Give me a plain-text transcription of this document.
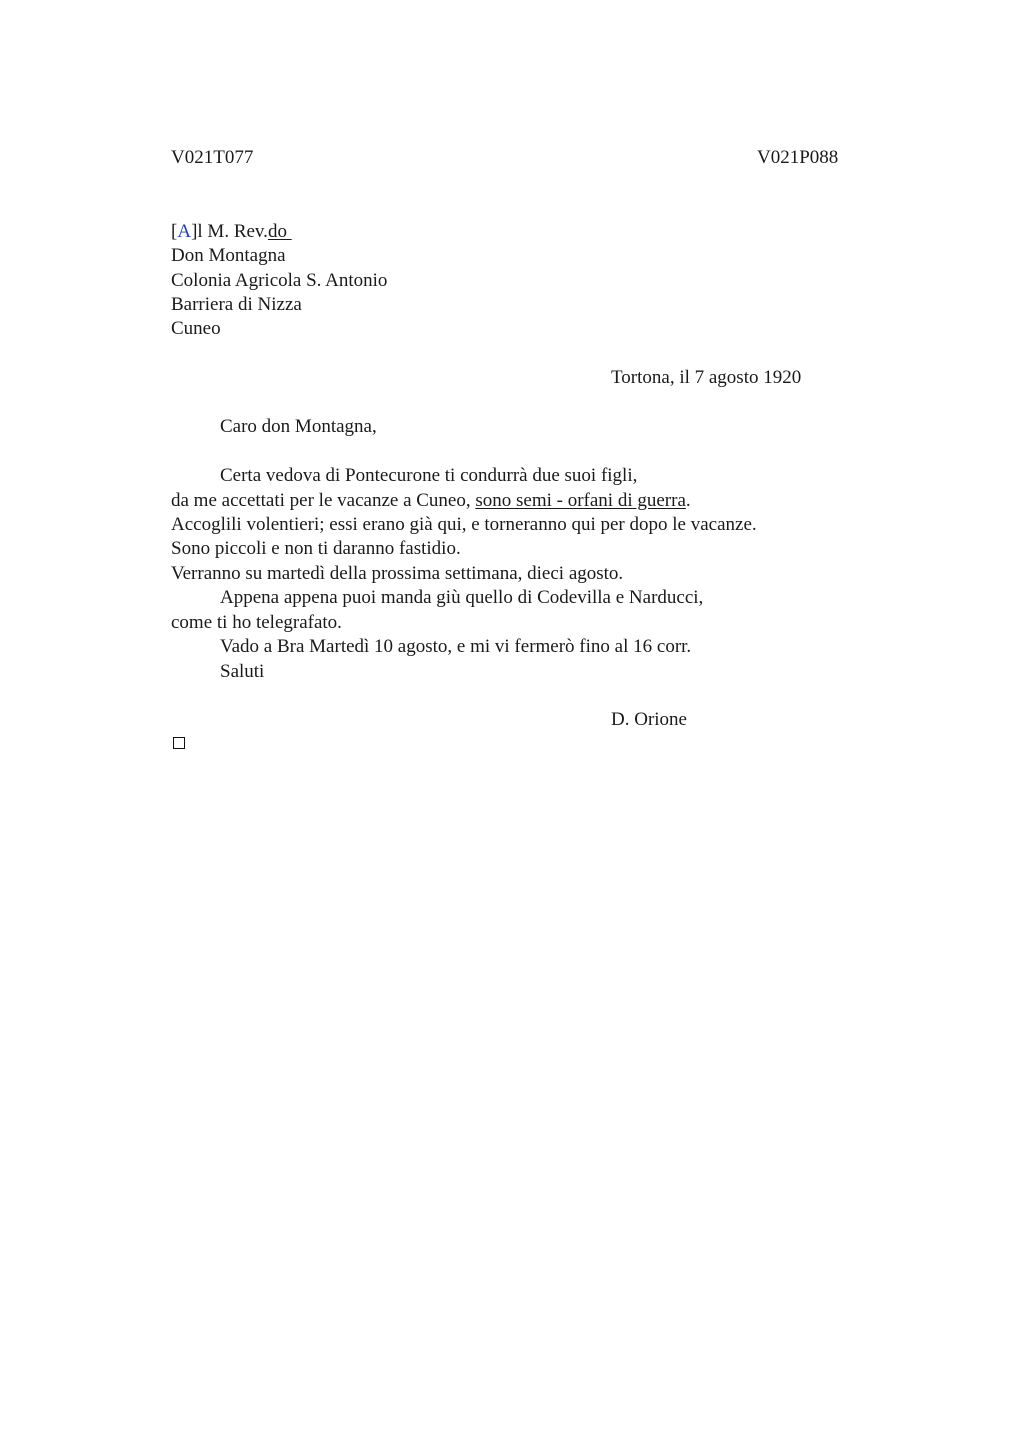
V021T077	V021P088
[A]l M. Rev.do
Don Montagna
Colonia Agricola S. Antonio
Barriera di Nizza
Cuneo
Tortona, il 7 agosto 1920
Caro don Montagna,
Certa vedova di Pontecurone ti condurrà due suoi figli,
da me accettati per le vacanze a Cuneo, sono semi - orfani di guerra.
Accoglili volentieri; essi erano già qui, e torneranno qui per dopo le vacanze.
Sono piccoli e non ti daranno fastidio.
Verranno su martedì della prossima settimana, dieci agosto.
Appena appena puoi manda giù quello di Codevilla e Narducci,
come ti ho telegrafato.
Vado a Bra Martedì 10 agosto, e mi vi fermerò fino al 16 corr.
Saluti
D. Orione
